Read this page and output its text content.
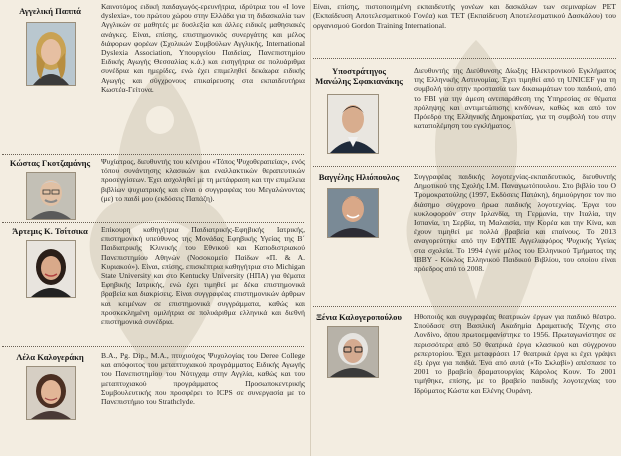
Αγγελική Παππά	Καινοτόμος ειδική παιδαγωγός-ερευνήτρια, ιδρύτρια του «I love dyslexia», του πρώτου χώρου στην Ελλάδα για τη διδασκαλία των Αγγλικών σε μαθητές με δυσλεξία και άλλες ειδικές μαθησιακές ανάγκες. Είναι, επίσης, επιστημονικός συνεργάτης και μέλος διάφορων φορέων (Σχολικών Συμβούλων Αγγλικής, International Dyslexia Association, Υπουργείου Παιδείας, Πανεπιστημίου Ειδικής Αγωγής Θεσσαλίας κ.ά.) και εισηγήτρια σε πολυάριθμα συνέδρια και ημερίδες, ενώ έχει επιμεληθεί δεκάωρα ειδικής Αγωγής και σύγχρονους επικαίρευσης στα εκπαιδευτήρια Κωστέα-Γείτονα.

Κώστας Γκοτζαμάνης	Ψυχίατρος, διευθυντής του κέντρου «Τόπος Ψυχοθεραπείας», ενός τόπου συνάντησης κλασικών και εναλλακτικών θεραπευτικών προσεγγίσεων. Έχει ασχοληθεί με τη μετάφραση και την επιμέλεια βιβλίων ψυχιατρικής και είναι ο συγγραφέας του Μεγαλώνοντας (με) το παιδί μου (εκδόσεις Παπάζη).

Άρτεμις Κ. Τσίτσικα	Επίκουρη καθηγήτρια Παιδιατρικής-Εφηβικής Ιατρικής, επιστημονική υπεύθυνος της Μονάδας Εφηβικής Υγείας της Β΄ Παιδιατρικής Κλινικής του Εθνικού και Καποδιστριακού Πανεπιστημίου Αθηνών (Νοσοκομείο Παίδων «Π. & Α. Κυριακού»). Είναι, επίσης, επισκέπτρια καθηγήτρια στο Michigan State University και στο Kentucky University (ΗΠΑ) για θέματα Εφηβικής Ιατρικής, ενώ έχει τιμηθεί με δέκα επιστημονικά βραβεία και διακρίσεις. Είναι συγγραφέας επιστημονικών άρθρων και κειμένων σε επιστημονικά συγγράμματα, καθώς και προσκεκλημένη ομιλήτρια σε πολυάριθμα ελληνικά και διεθνή επιστημονικά συνέδρια.

Λέλα Καλογεράκη	B.A., Pg. Dip., M.A., πτυχιούχος Ψυχολογίας του Deree College και απόφοιτος του μεταπτυχιακού προγράμματος Ειδικής Αγωγής του Πανεπιστημίου του Νότιγχαμ στην Αγγλία, καθώς και του μεταπτυχιακού προγράμματος Προσωποκεντρικής Συμβουλευτικής που προσφέρει το ICPS σε συνεργασία με το Πανεπιστήμιο του Strathclyde.

Είναι, επίσης, πιστοποιημένη εκπαιδευτής γονέων και δασκάλων των σεμιναρίων PET (Εκπαίδευση Αποτελεσματικού Γονέα) και TET (Εκπαίδευση Αποτελεσματικού Δασκάλου) του οργανισμού Gordon Training International.

Υποστράτηγος
Μανώλης Σφακιανάκης

Διευθυντής της Διεύθυνσης Δίωξης Ηλεκτρονικού Εγκλήματος της Ελληνικής Αστυνομίας. Έχει τιμηθεί από τη UNICEF για τη συμβολή του στην προστασία των δικαιωμάτων του παιδιού, από το FBI για την άμεση αντιπαράθεση της Υπηρεσίας σε θέματα πρόληψης και αντιμετώπισης κινδύνων, καθώς και από τον Πρόεδρο της Ελληνικής Δημοκρατίας, για τη συμβολή του στην καταπολέμηση του εγκλήματος.

Βαγγέλης Ηλιόπουλος	Συγγραφέας παιδικής λογοτεχνίας-εκπαιδευτικός, διευθυντής Δημοτικού της Σχολής Ι.Μ. Παναγιωτόπουλου. Στο βιβλίο του Ο Τρομοκρατούλης (1997, Εκδόσεις Πατάκη), δημιούργησε τον πιο διάσημο σύγχρονο ήρωα παιδικής λογοτεχνίας. Έργα του κυκλοφορούν στην Ιρλανδία, τη Γερμανία, την Ιταλία, την Ισπανία, τη Σερβία, τη Μαλαισία, την Κορέα και την Κίνα, και έχουν τιμηθεί με πολλά βραβεία και επαίνους. Το 2013 αναγορεύτηκε από την ΕΦΥΠΕ Αγγελιαφόρος Ψυχικής Υγείας στα σχολεία. Το 1994 έγινε μέλος του Ελληνικού Τμήματος της IBBY - Κύκλος Ελληνικού Παιδικού Βιβλίου, του οποίου είναι πρόεδρος από το 2008.

Ξένια Καλογεροπούλου	Ηθοποιός και συγγραφέας θεατρικών έργων για παιδικό θέατρο. Σπούδασε στη Βασιλική Ακαδημία Δραματικής Τέχνης στο Λονδίνο, όπου πρωτοεμφανίστηκε το 1956. Πρωταγωνίστησε σε περισσότερα από 50 θεατρικά έργα κλασικού και σύγχρονου ρεπερτορίου. Έχει μεταφράσει 17 θεατρικά έργα κι έχει γράψει έξι έργα για παιδιά. Ένα από αυτά («Το Σκλαβί») απέσπασε το 2001 το βραβείο δραματουργίας Κάρολος Κουν. Το 2001 τιμήθηκε, επίσης, με το βραβείο παιδικής λογοτεχνίας του Ιδρύματος Κώστα και Ελένης Ουράνη.
